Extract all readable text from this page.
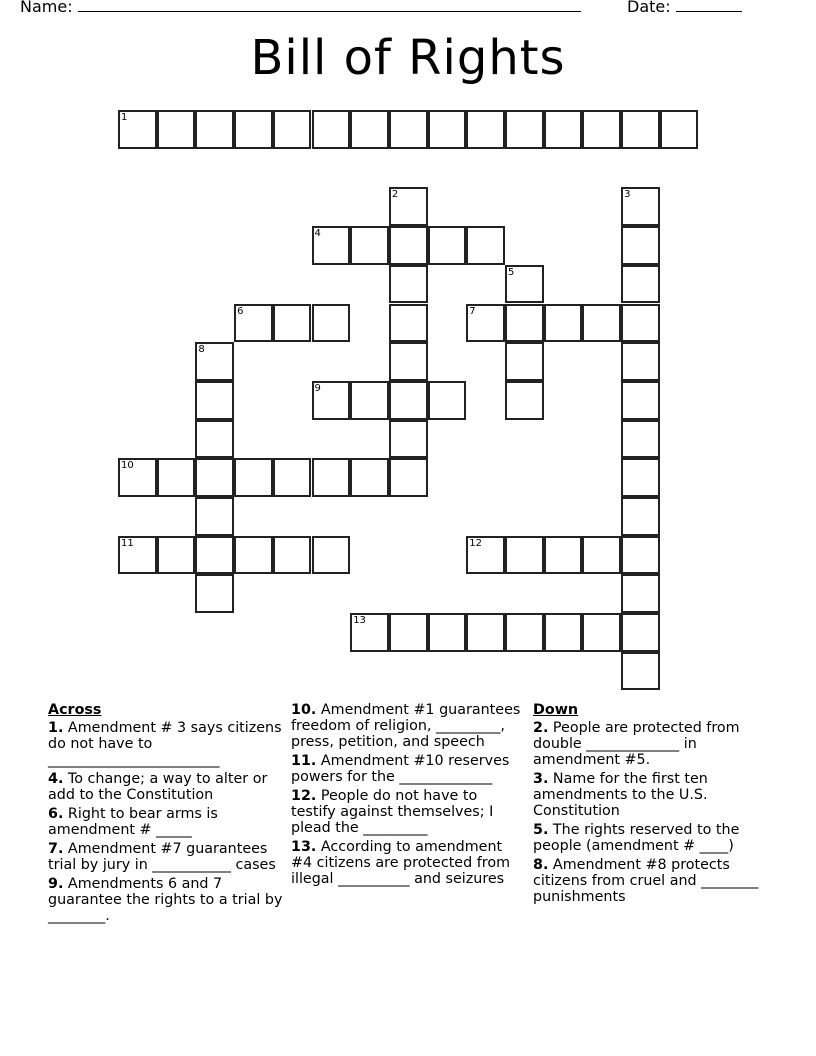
Name:	Date:
Bill of Rights
1
2	3
4
5
6	7
8
9
10
11	12
13
Across
1. Amendment # 3 says citizens do not have to ________________________
4. To change; a way to alter or add to the Constitution
6. Right to bear arms is amendment # _____
7. Amendment #7 guarantees trial by jury in ___________ cases
9. Amendments 6 and 7 guarantee the rights to a trial by ________.
10. Amendment #1 guarantees freedom of religion, _________, press, petition, and speech
11. Amendment #10 reserves powers for the _____________
12. People do not have to testify against themselves; I plead the _________
13. According to amendment #4 citizens are protected from illegal __________ and seizures
Down
2. People are protected from double _____________ in amendment #5.
3. Name for the first ten amendments to the U.S. Constitution
5. The rights reserved to the people (amendment # ____)
8. Amendment #8 protects citizens from cruel and ________ punishments
